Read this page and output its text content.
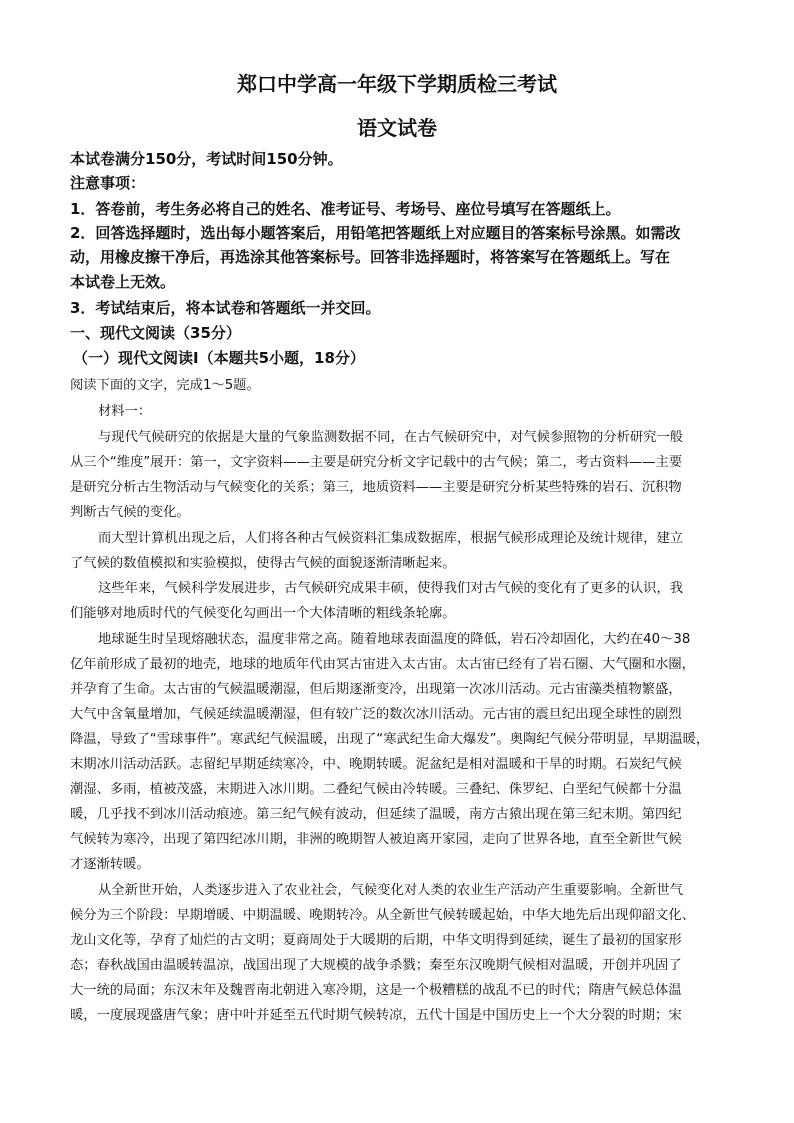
郑口中学高一年级下学期质检三考试
语文试卷
本试卷满分150分，考试时间150分钟。
注意事项：
1．答卷前，考生务必将自己的姓名、准考证号、考场号、座位号填写在答题纸上。
2．回答选择题时，选出每小题答案后，用铅笔把答题纸上对应题目的答案标号涂黑。如需改
动，用橡皮擦干净后，再选涂其他答案标号。回答非选择题时，将答案写在答题纸上。写在
本试卷上无效。
3．考试结束后，将本试卷和答题纸一并交回。
一、现代文阅读（35分）
（一）现代文阅读Ⅰ（本题共5小题，18分）
阅读下面的文字，完成1～5题。
材料一：
与现代气候研究的依据是大量的气象监测数据不同，在古气候研究中，对气候参照物的分析研究一般
从三个“维度”展开：第一，文字资料——主要是研究分析文字记载中的古气候；第二，考古资料——主要
是研究分析古生物活动与气候变化的关系；第三，地质资料——主要是研究分析某些特殊的岩石、沉积物
判断古气候的变化。
而大型计算机出现之后，人们将各种古气候资料汇集成数据库，根据气候形成理论及统计规律，建立
了气候的数值模拟和实验模拟，使得古气候的面貌逐渐清晰起来。
这些年来，气候科学发展进步，古气候研究成果丰硕，使得我们对古气候的变化有了更多的认识，我
们能够对地质时代的气候变化勾画出一个大体清晰的粗线条轮廓。
地球诞生时呈现熔融状态，温度非常之高。随着地球表面温度的降低，岩石冷却固化，大约在40～38
亿年前形成了最初的地壳，地球的地质年代由冥古宙进入太古宙。太古宙已经有了岩石圈、大气圈和水圈，
并孕育了生命。太古宙的气候温暖潮湿，但后期逐渐变冷，出现第一次冰川活动。元古宙藻类植物繁盛，
大气中含氧量增加，气候延续温暖潮湿，但有较广泛的数次冰川活动。元古宙的震旦纪出现全球性的剧烈
降温，导致了“雪球事件”。寒武纪气候温暖，出现了“寒武纪生命大爆发”。奥陶纪气候分带明显，早期温暖，
末期冰川活动活跃。志留纪早期延续寒冷，中、晚期转暖。泥盆纪是相对温暖和干旱的时期。石炭纪气候
潮湿、多雨，植被茂盛，末期进入冰川期。二叠纪气候由冷转暖。三叠纪、侏罗纪、白垩纪气候都十分温
暖，几乎找不到冰川活动痕迹。第三纪气候有波动，但延续了温暖，南方古猿出现在第三纪末期。第四纪
气候转为寒冷，出现了第四纪冰川期，非洲的晚期智人被迫离开家园，走向了世界各地，直至全新世气候
才逐渐转暖。
从全新世开始，人类逐步进入了农业社会，气候变化对人类的农业生产活动产生重要影响。全新世气
候分为三个阶段：早期增暖、中期温暖、晚期转冷。从全新世气候转暖起始，中华大地先后出现仰韶文化、
龙山文化等，孕育了灿烂的古文明；夏商周处于大暖期的后期，中华文明得到延续，诞生了最初的国家形
态；春秋战国由温暖转温凉，战国出现了大规模的战争杀戮；秦至东汉晚期气候相对温暖，开创并巩固了
大一统的局面；东汉末年及魏晋南北朝进入寒冷期，这是一个极糟糕的战乱不已的时代；隋唐气候总体温
暖，一度展现盛唐气象；唐中叶并延至五代时期气候转凉，五代十国是中国历史上一个大分裂的时期；宋
